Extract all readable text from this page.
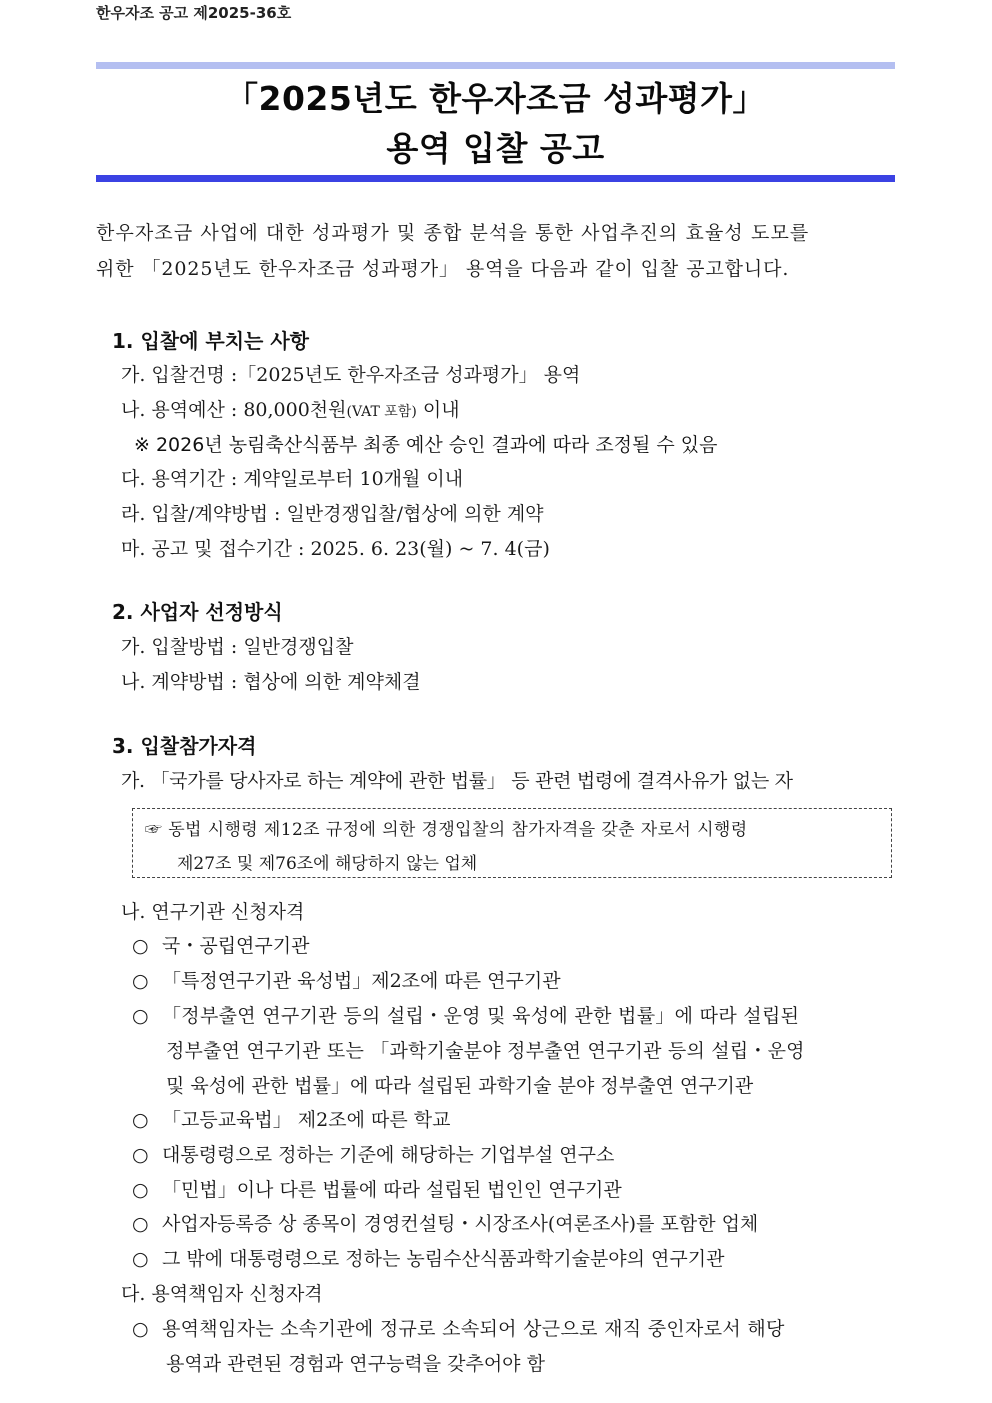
한우자조 공고 제2025-36호
「2025년도 한우자조금 성과평가」
용역 입찰 공고
한우자조금 사업에 대한 성과평가 및 종합 분석을 통한 사업추진의 효율성 도모를
위한 「2025년도 한우자조금 성과평가」 용역을 다음과 같이 입찰 공고합니다.
1. 입찰에 부치는 사항
가. 입찰건명 :「2025년도 한우자조금 성과평가」 용역
나. 용역예산 : 80,000천원(VAT 포함) 이내
※ 2026년 농림축산식품부 최종 예산 승인 결과에 따라 조정될 수 있음
다. 용역기간 : 계약일로부터 10개월 이내
라. 입찰/계약방법 : 일반경쟁입찰/협상에 의한 계약
마. 공고 및 접수기간 : 2025. 6. 23(월) ~ 7. 4(금)
2. 사업자 선정방식
가. 입찰방법 : 일반경쟁입찰
나. 계약방법 : 협상에 의한 계약체결
3. 입찰참가자격
가. 「국가를 당사자로 하는 계약에 관한 법률」 등 관련 법령에 결격사유가 없는 자
☞ 동법 시행령 제12조 규정에 의한 경쟁입찰의 참가자격을 갖춘 자로서 시행령
제27조 및 제76조에 해당하지 않는 업체
나. 연구기관 신청자격
○ 국・공립연구기관
○ 「특정연구기관 육성법」제2조에 따른 연구기관
○ 「정부출연 연구기관 등의 설립・운영 및 육성에 관한 법률」에 따라 설립된
정부출연 연구기관 또는 「과학기술분야 정부출연 연구기관 등의 설립・운영
및 육성에 관한 법률」에 따라 설립된 과학기술 분야 정부출연 연구기관
○ 「고등교육법」 제2조에 따른 학교
○ 대통령령으로 정하는 기준에 해당하는 기업부설 연구소
○ 「민법」이나 다른 법률에 따라 설립된 법인인 연구기관
○ 사업자등록증 상 종목이 경영컨설팅・시장조사(여론조사)를 포함한 업체
○ 그 밖에 대통령령으로 정하는 농림수산식품과학기술분야의 연구기관
다. 용역책임자 신청자격
○ 용역책임자는 소속기관에 정규로 소속되어 상근으로 재직 중인자로서 해당
용역과 관련된 경험과 연구능력을 갖추어야 함
